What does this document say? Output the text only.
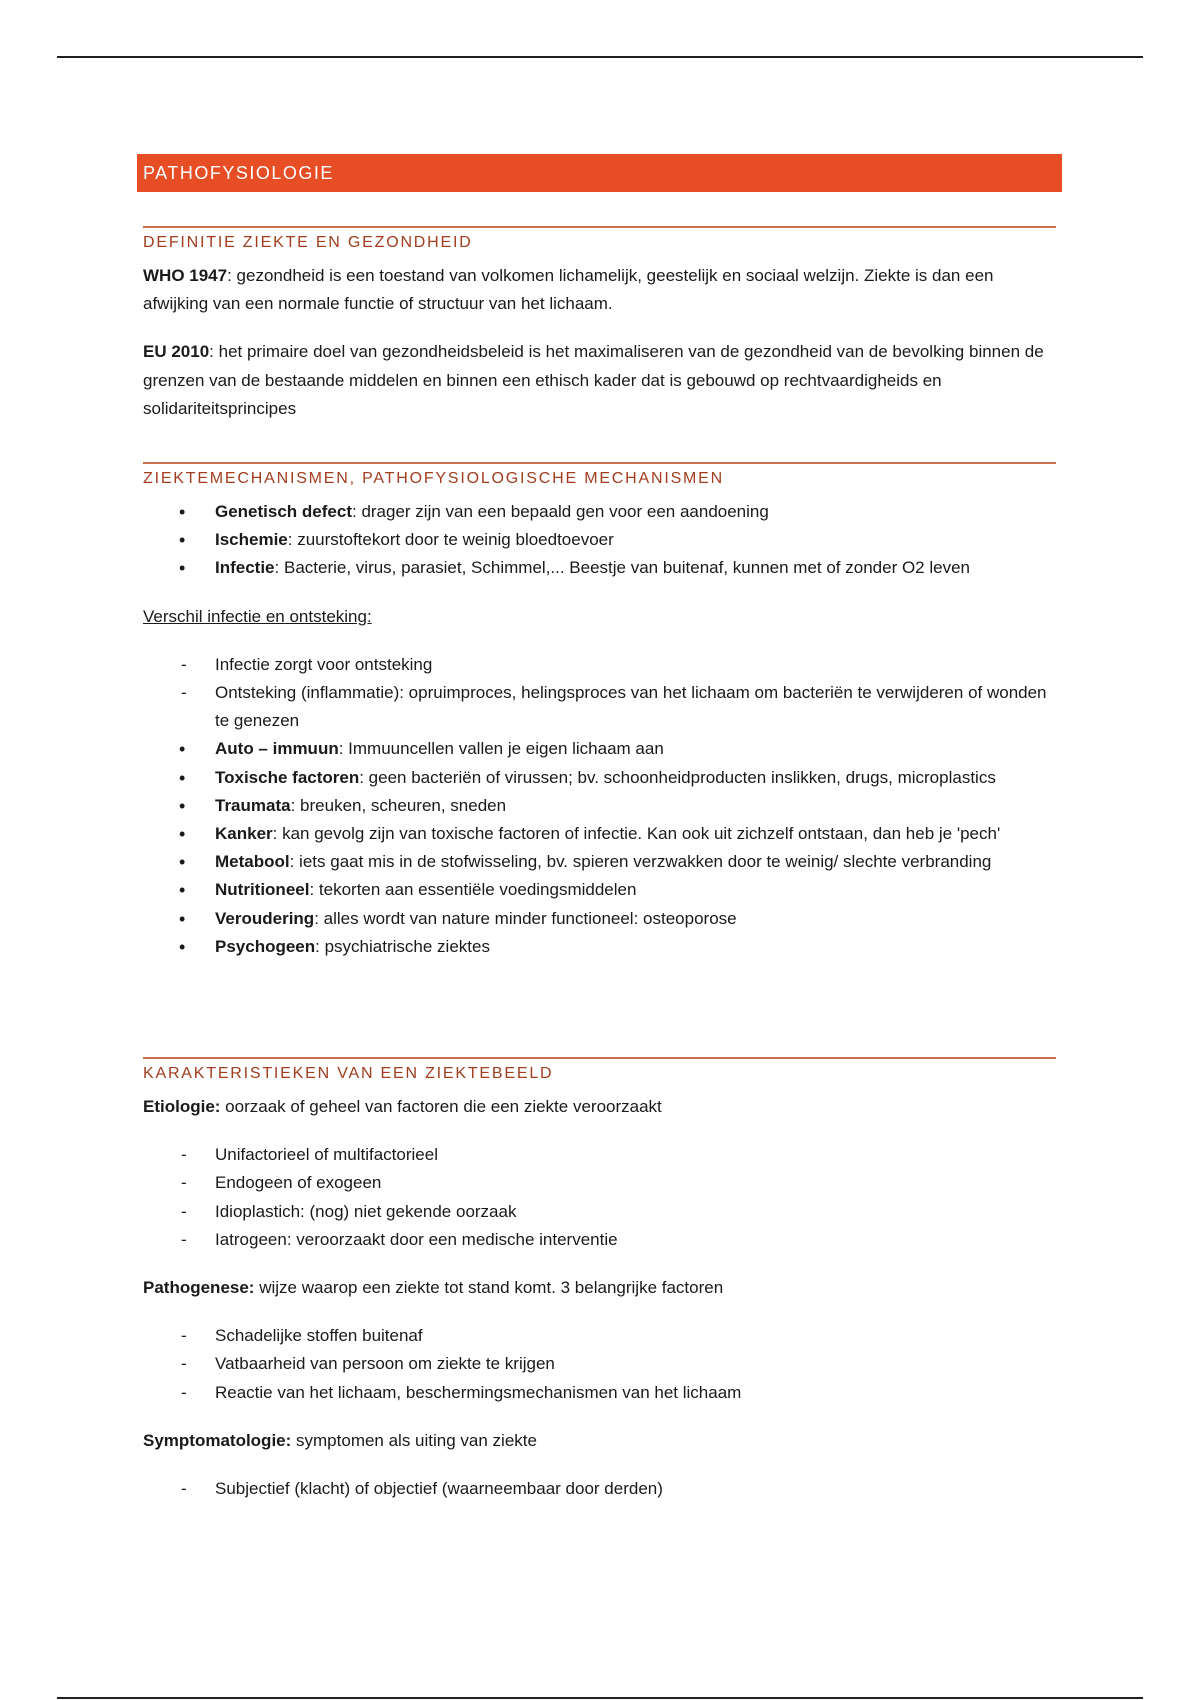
PATHOFYSIOLOGIE
DEFINITIE ZIEKTE EN GEZONDHEID

WHO 1947: gezondheid is een toestand van volkomen lichamelijk, geestelijk en sociaal welzijn. Ziekte is dan een afwijking van een normale functie of structuur van het lichaam.

EU 2010: het primaire doel van gezondheidsbeleid is het maximaliseren van de gezondheid van de bevolking binnen de grenzen van de bestaande middelen en binnen een ethisch kader dat is gebouwd op rechtvaardigheids en solidariteitsprincipes

ZIEKTEMECHANISMEN, PATHOFYSIOLOGISCHE MECHANISMEN
• Genetisch defect: drager zijn van een bepaald gen voor een aandoening
• Ischemie: zuurstoftekort door te weinig bloedtoevoer
• Infectie: Bacterie, virus, parasiet, Schimmel,... Beestje van buitenaf, kunnen met of zonder O2 leven

Verschil infectie en ontsteking:

- Infectie zorgt voor ontsteking
- Ontsteking (inflammatie): opruimproces, helingsproces van het lichaam om bacteriën te verwijderen of wonden te genezen
• Auto – immuun: Immuuncellen vallen je eigen lichaam aan
• Toxische factoren: geen bacteriën of virussen; bv. schoonheidproducten inslikken, drugs, microplastics
• Traumata: breuken, scheuren, sneden
• Kanker: kan gevolg zijn van toxische factoren of infectie. Kan ook uit zichzelf ontstaan, dan heb je 'pech'
• Metabool: iets gaat mis in de stofwisseling, bv. spieren verzwakken door te weinig/ slechte verbranding
• Nutritioneel: tekorten aan essentiële voedingsmiddelen
• Veroudering: alles wordt van nature minder functioneel: osteoporose
• Psychogeen: psychiatrische ziektes
KARAKTERISTIEKEN VAN EEN ZIEKTEBEELD

Etiologie: oorzaak of geheel van factoren die een ziekte veroorzaakt

- Unifactorieel of multifactorieel
- Endogeen of exogeen
- Idioplastich: (nog) niet gekende oorzaak
- Iatrogeen: veroorzaakt door een medische interventie

Pathogenese: wijze waarop een ziekte tot stand komt. 3 belangrijke factoren

- Schadelijke stoffen buitenaf
- Vatbaarheid van persoon om ziekte te krijgen
- Reactie van het lichaam, beschermingsmechanismen van het lichaam

Symptomatologie: symptomen als uiting van ziekte

- Subjectief (klacht) of objectief (waarneembaar door derden)
